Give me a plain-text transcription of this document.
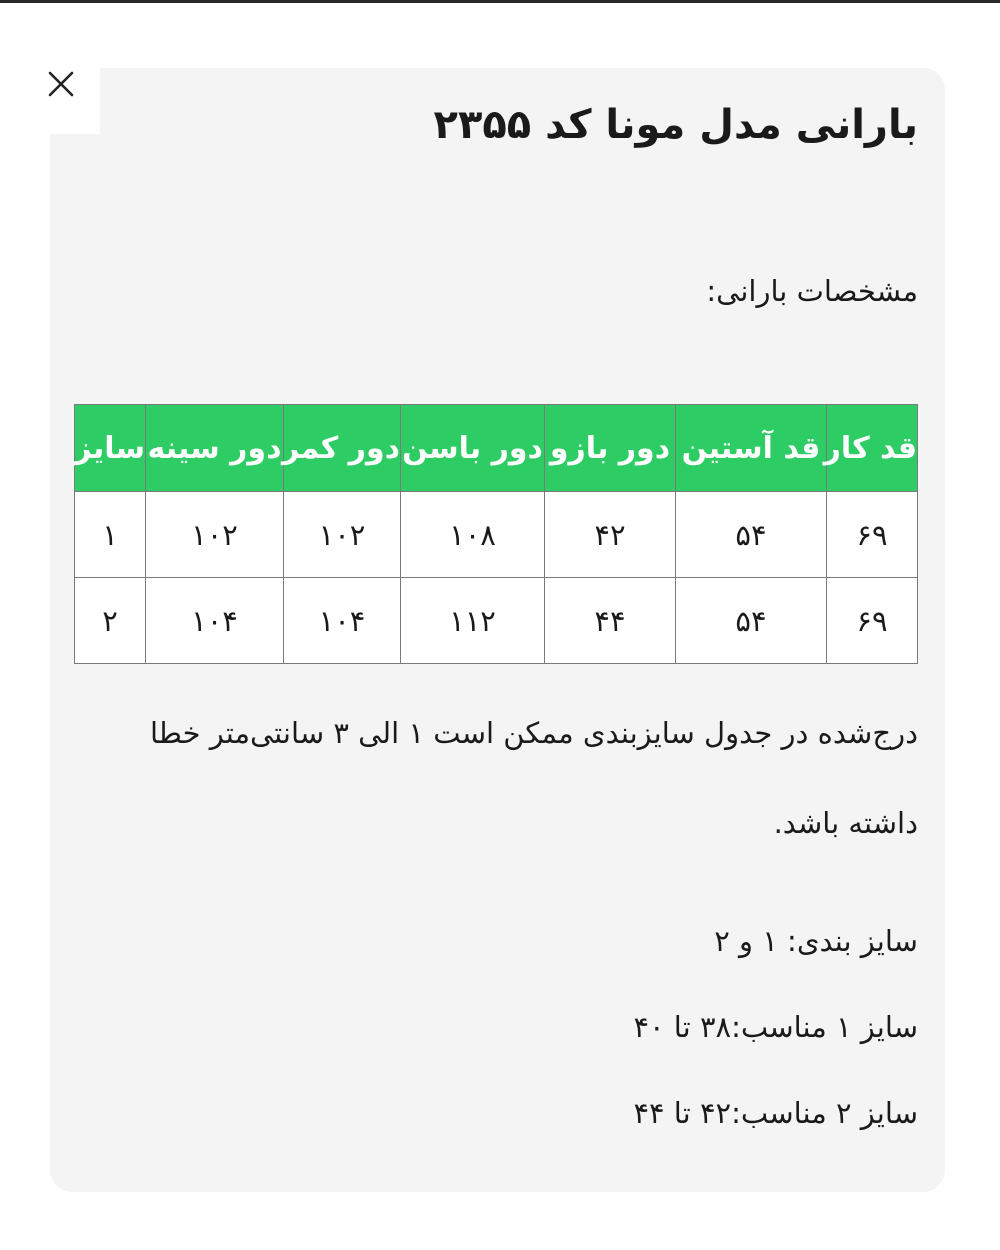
بارانی مدل مونا کد ۲۳۵۵

مشخصات بارانی:

قد کار	قد آستین	دور بازو	دور باسن	دور کمر	دور سینه	سایز
۶۹	۵۴	۴۲	۱۰۸	۱۰۲	۱۰۲	۱
۶۹	۵۴	۴۴	۱۱۲	۱۰۴	۱۰۴	۲

درج‌شده در جدول سایزبندی ممکن است ۱ الی ۳ سانتی‌متر خطا داشته باشد.

سایز بندی: ۱ و ۲

سایز ۱ مناسب:۳۸ تا ۴۰

سایز ۲ مناسب:۴۲ تا ۴۴
